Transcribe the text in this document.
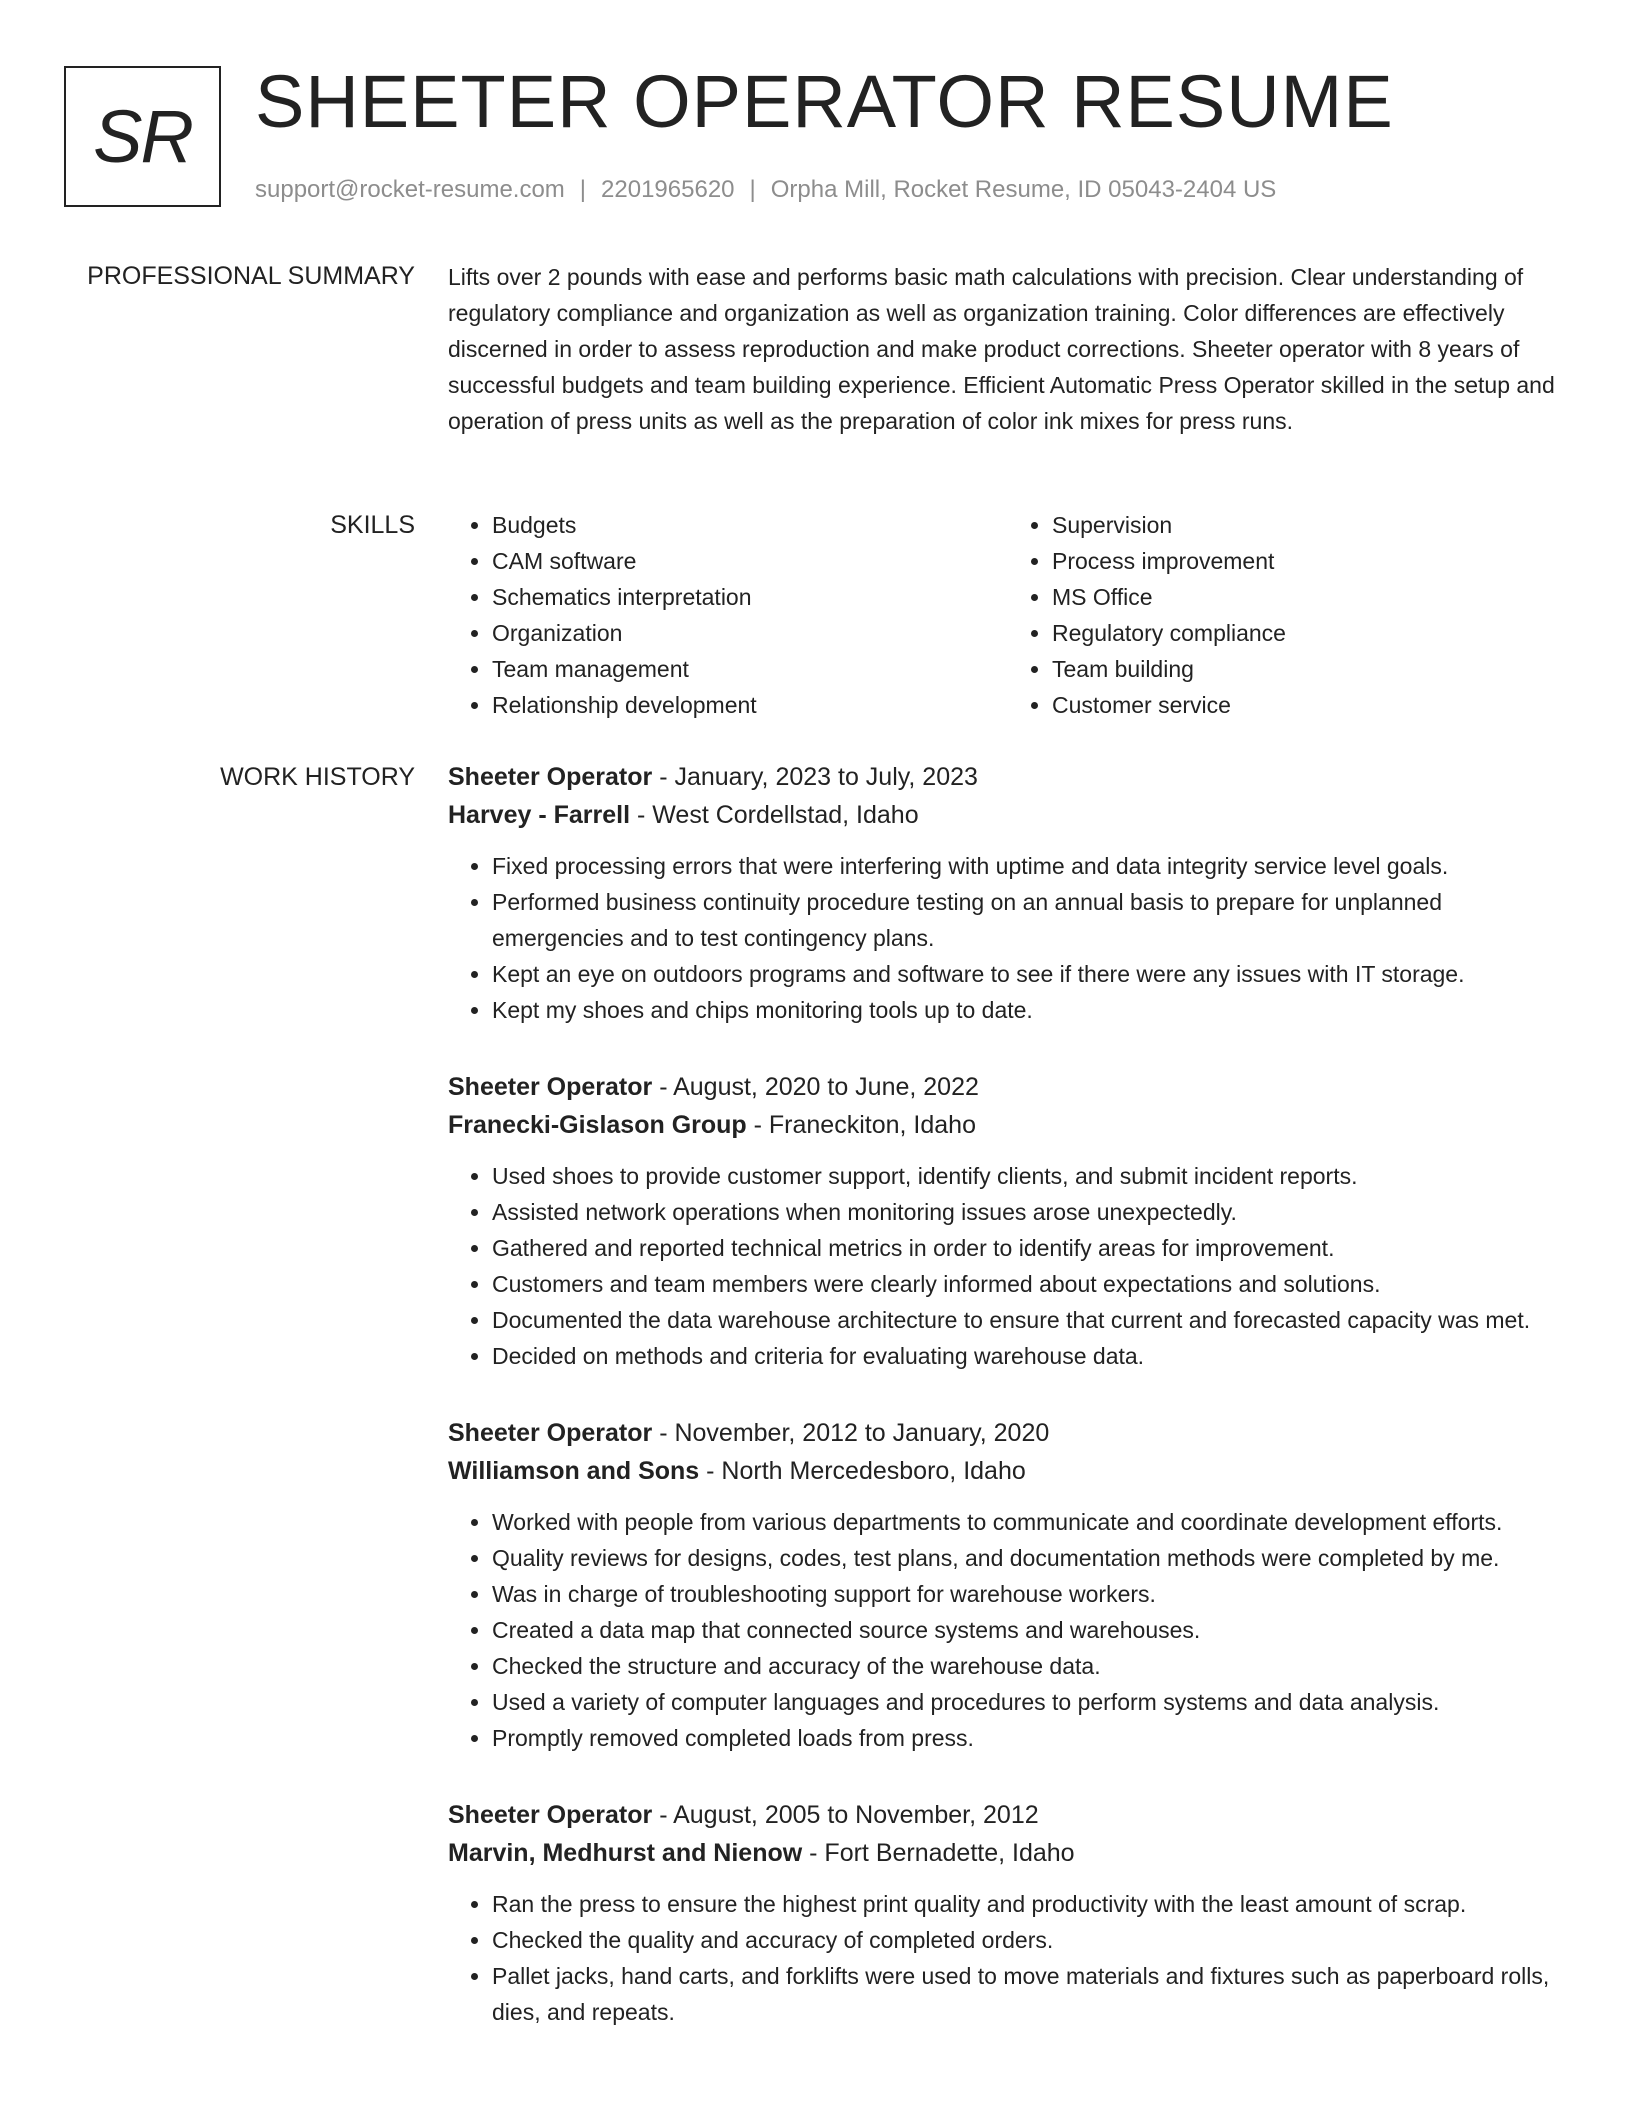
SR SHEETER OPERATOR RESUME
support@rocket-resume.com | 2201965620 | Orpha Mill, Rocket Resume, ID 05043-2404 US
PROFESSIONAL SUMMARY Lifts over 2 pounds with ease and performs basic math calculations with precision. Clear understanding of regulatory compliance and organization as well as organization training. Color differences are effectively discerned in order to assess reproduction and make product corrections. Sheeter operator with 8 years of successful budgets and team building experience. Efficient Automatic Press Operator skilled in the setup and operation of press units as well as the preparation of color ink mixes for press runs.

SKILLS
•	Budgets
• CAM software
• Schematics interpretation
• Organization
• Team management
• Relationship development
• Supervision
• Process improvement
• MS Office
• Regulatory compliance
• Team building
• Customer service
WORK HISTORY Sheeter Operator - January, 2023 to July, 2023
Harvey - Farrell - West Cordellstad, Idaho
• Fixed processing errors that were interfering with uptime and data integrity service level goals.
• Performed business continuity procedure testing on an annual basis to prepare for unplanned emergencies and to test contingency plans.
• Kept an eye on outdoors programs and software to see if there were any issues with IT storage.
• Kept my shoes and chips monitoring tools up to date.
Sheeter Operator - August, 2020 to June, 2022
Franecki-Gislason Group - Franeckiton, Idaho
• Used shoes to provide customer support, identify clients, and submit incident reports.
• Assisted network operations when monitoring issues arose unexpectedly.
• Gathered and reported technical metrics in order to identify areas for improvement.
• Customers and team members were clearly informed about expectations and solutions.
• Documented the data warehouse architecture to ensure that current and forecasted capacity was met.
• Decided on methods and criteria for evaluating warehouse data.
Sheeter Operator - November, 2012 to January, 2020
Williamson and Sons - North Mercedesboro, Idaho
• Worked with people from various departments to communicate and coordinate development efforts.
• Quality reviews for designs, codes, test plans, and documentation methods were completed by me.
• Was in charge of troubleshooting support for warehouse workers.
• Created a data map that connected source systems and warehouses.
• Checked the structure and accuracy of the warehouse data.
• Used a variety of computer languages and procedures to perform systems and data analysis.
• Promptly removed completed loads from press.
Sheeter Operator - August, 2005 to November, 2012
Marvin, Medhurst and Nienow - Fort Bernadette, Idaho
• Ran the press to ensure the highest print quality and productivity with the least amount of scrap.
• Checked the quality and accuracy of completed orders.
• Pallet jacks, hand carts, and forklifts were used to move materials and fixtures such as paperboard rolls, dies, and repeats.
